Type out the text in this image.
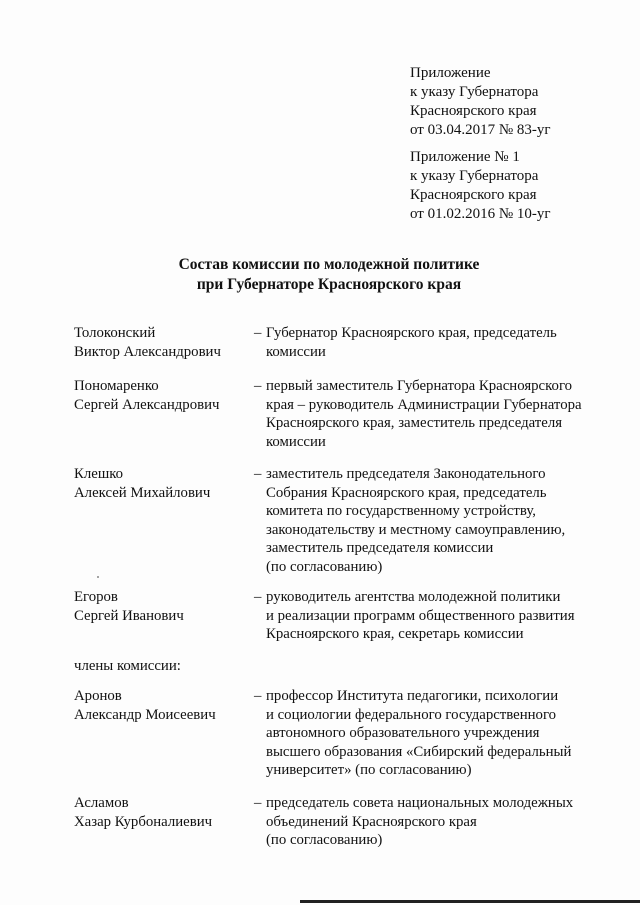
Приложение
к указу Губернатора
Красноярского края
от 03.04.2017 № 83-уг
Приложение № 1
к указу Губернатора
Красноярского края
от 01.02.2016 № 10-уг
Состав комиссии по молодежной политике
при Губернаторе Красноярского края
Толоконский
Виктор Александрович
– Губернатор Красноярского края, председатель
комиссии
Пономаренко
Сергей Александрович
– первый заместитель Губернатора Красноярского
края – руководитель Администрации Губернатора
Красноярского края, заместитель председателя
комиссии
Клешко
Алексей Михайлович
– заместитель председателя Законодательного
Собрания Красноярского края, председатель
комитета по государственному устройству,
законодательству и местному самоуправлению,
заместитель председателя комиссии
(по согласованию)
Егоров
Сергей Иванович
– руководитель агентства молодежной политики
и реализации программ общественного развития
Красноярского края, секретарь комиссии
члены комиссии:
Аронов
Александр Моисеевич
– профессор Института педагогики, психологии
и социологии федерального государственного
автономного образовательного учреждения
высшего образования «Сибирский федеральный
университет» (по согласованию)
Асламов
Хазар Курбоналиевич
– председатель совета национальных молодежных
объединений Красноярского края
(по согласованию)
